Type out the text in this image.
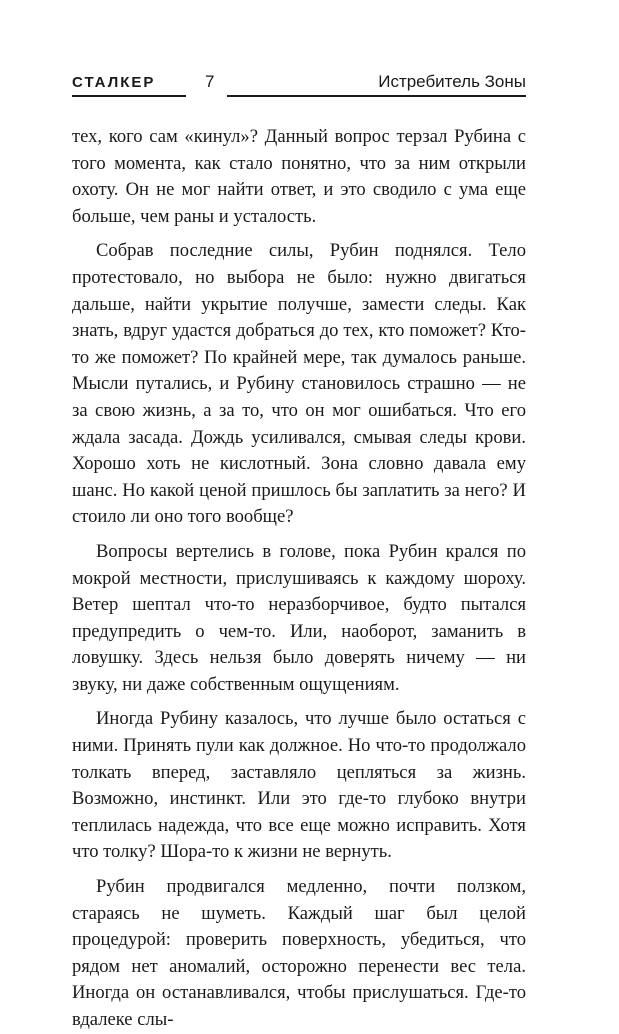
СТАЛКЕР	7	Истребитель Зоны

тех, кого сам «кинул»? Данный вопрос терзал Рубина с того момента, как стало понятно, что за ним открыли охоту. Он не мог найти ответ, и это сводило с ума еще больше, чем раны и усталость.

Собрав последние силы, Рубин поднялся. Тело протестовало, но выбора не было: нужно двигаться дальше, найти укрытие получше, замести следы. Как знать, вдруг удастся добраться до тех, кто поможет? Кто-то же поможет? По крайней мере, так думалось раньше. Мысли путались, и Рубину становилось страшно — не за свою жизнь, а за то, что он мог ошибаться. Что его ждала засада. Дождь усиливался, смывая следы крови. Хорошо хоть не кислотный. Зона словно давала ему шанс. Но какой ценой пришлось бы заплатить за него? И стоило ли оно того вообще?

Вопросы вертелись в голове, пока Рубин крался по мокрой местности, прислушиваясь к каждому шороху. Ветер шептал что-то неразборчивое, будто пытался предупредить о чем-то. Или, наоборот, заманить в ловушку. Здесь нельзя было доверять ничему — ни звуку, ни даже собственным ощущениям.

Иногда Рубину казалось, что лучше было остаться с ними. Принять пули как должное. Но что-то продолжало толкать вперед, заставляло цепляться за жизнь. Возможно, инстинкт. Или это где-то глубоко внутри теплилась надежда, что все еще можно исправить. Хотя что толку? Шора-то к жизни не вернуть.

Рубин продвигался медленно, почти ползком, стараясь не шуметь. Каждый шаг был целой процедурой: проверить поверхность, убедиться, что рядом нет аномалий, осторожно перенести вес тела. Иногда он останавливался, чтобы прислушаться. Где-то вдалеке слы-
